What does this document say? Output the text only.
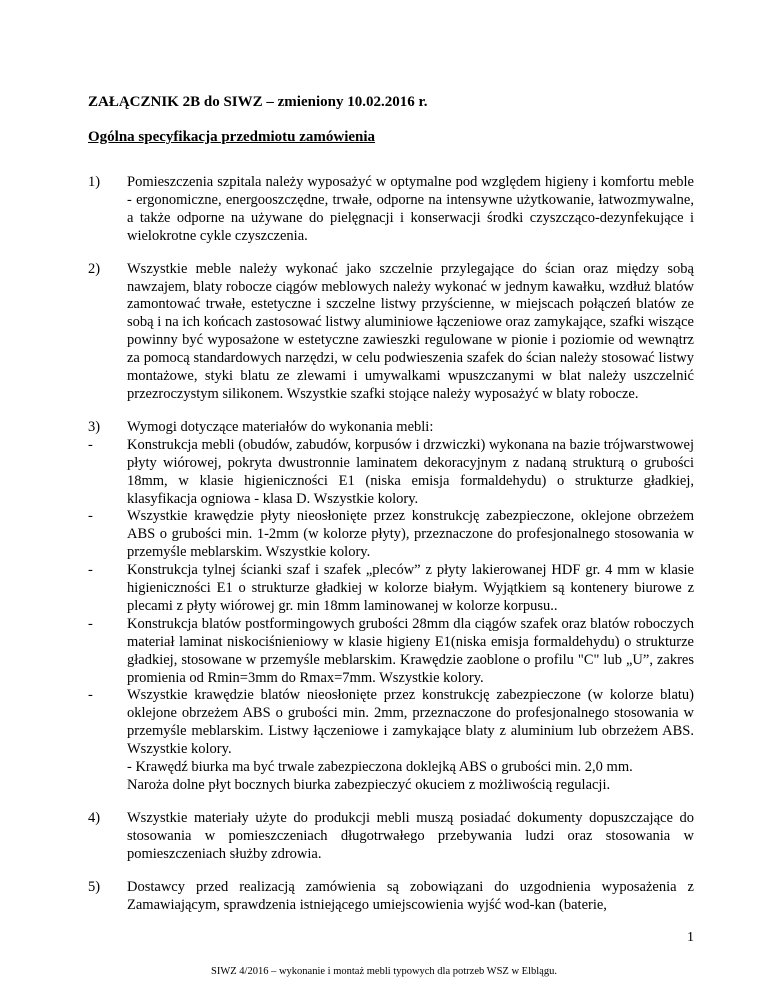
ZAŁĄCZNIK 2B do SIWZ – zmieniony 10.02.2016 r.

Ogólna specyfikacja przedmiotu zamówienia

1) Pomieszczenia szpitala należy wyposażyć w optymalne pod względem higieny i komfortu meble - ergonomiczne, energooszczędne, trwałe, odporne na intensywne użytkowanie, łatwozmywalne, a także odporne na używane do pielęgnacji i konserwacji środki czyszcząco-dezynfekujące i wielokrotne cykle czyszczenia.
2) Wszystkie meble należy wykonać jako szczelnie przylegające do ścian oraz między sobą nawzajem, blaty robocze ciągów meblowych należy wykonać w jednym kawałku, wzdłuż blatów zamontować trwałe, estetyczne i szczelne listwy przyścienne, w miejscach połączeń blatów ze sobą i na ich końcach zastosować listwy aluminiowe łączeniowe oraz zamykające, szafki wiszące powinny być wyposażone w estetyczne zawieszki regulowane w pionie i poziomie od wewnątrz za pomocą standardowych narzędzi, w celu podwieszenia szafek do ścian należy stosować listwy montażowe, styki blatu ze zlewami i umywalkami wpuszczanymi w blat należy uszczelnić przezroczystym silikonem. Wszystkie szafki stojące należy wyposażyć w blaty robocze.
3) Wymogi dotyczące materiałów do wykonania mebli:
- Konstrukcja mebli (obudów, zabudów, korpusów i drzwiczki) wykonana na bazie trójwarstwowej płyty wiórowej, pokryta dwustronnie laminatem dekoracyjnym z nadaną strukturą o grubości 18mm, w klasie higieniczności E1 (niska emisja formaldehydu) o strukturze gładkiej, klasyfikacja ogniowa - klasa D. Wszystkie kolory.
- Wszystkie krawędzie płyty nieosłonięte przez konstrukcję zabezpieczone, oklejone obrzeżem ABS o grubości min. 1-2mm (w kolorze płyty), przeznaczone do profesjonalnego stosowania w przemyśle meblarskim. Wszystkie kolory.
- Konstrukcja tylnej ścianki szaf i szafek „pleców” z płyty lakierowanej HDF gr. 4 mm w klasie higieniczności E1 o strukturze gładkiej w kolorze białym. Wyjątkiem są kontenery biurowe z plecami z płyty wiórowej gr. min 18mm laminowanej w kolorze korpusu..
- Konstrukcja blatów postformingowych grubości 28mm dla ciągów szafek oraz blatów roboczych materiał laminat niskociśnieniowy w klasie higieny E1(niska emisja formaldehydu) o strukturze gładkiej, stosowane w przemyśle meblarskim. Krawędzie zaoblone o profilu "C" lub „U”, zakres promienia od Rmin=3mm do Rmax=7mm. Wszystkie kolory.
- Wszystkie krawędzie blatów nieosłonięte przez konstrukcję zabezpieczone (w kolorze blatu) oklejone obrzeżem ABS o grubości min. 2mm, przeznaczone do profesjonalnego stosowania w przemyśle meblarskim. Listwy łączeniowe i zamykające blaty z aluminium lub obrzeżem ABS. Wszystkie kolory.
- Krawędź biurka ma być trwale zabezpieczona doklejką ABS o grubości min. 2,0 mm.
Naroża dolne płyt bocznych biurka zabezpieczyć okuciem z możliwością regulacji.
4) Wszystkie materiały użyte do produkcji mebli muszą posiadać dokumenty dopuszczające do stosowania w pomieszczeniach długotrwałego przebywania ludzi oraz stosowania w pomieszczeniach służby zdrowia.
5) Dostawcy przed realizacją zamówienia są zobowiązani do uzgodnienia wyposażenia z Zamawiającym, sprawdzenia istniejącego umiejscowienia wyjść wod-kan (baterie,
1
SIWZ 4/2016 – wykonanie i montaż mebli typowych dla potrzeb WSZ w Elblągu.
